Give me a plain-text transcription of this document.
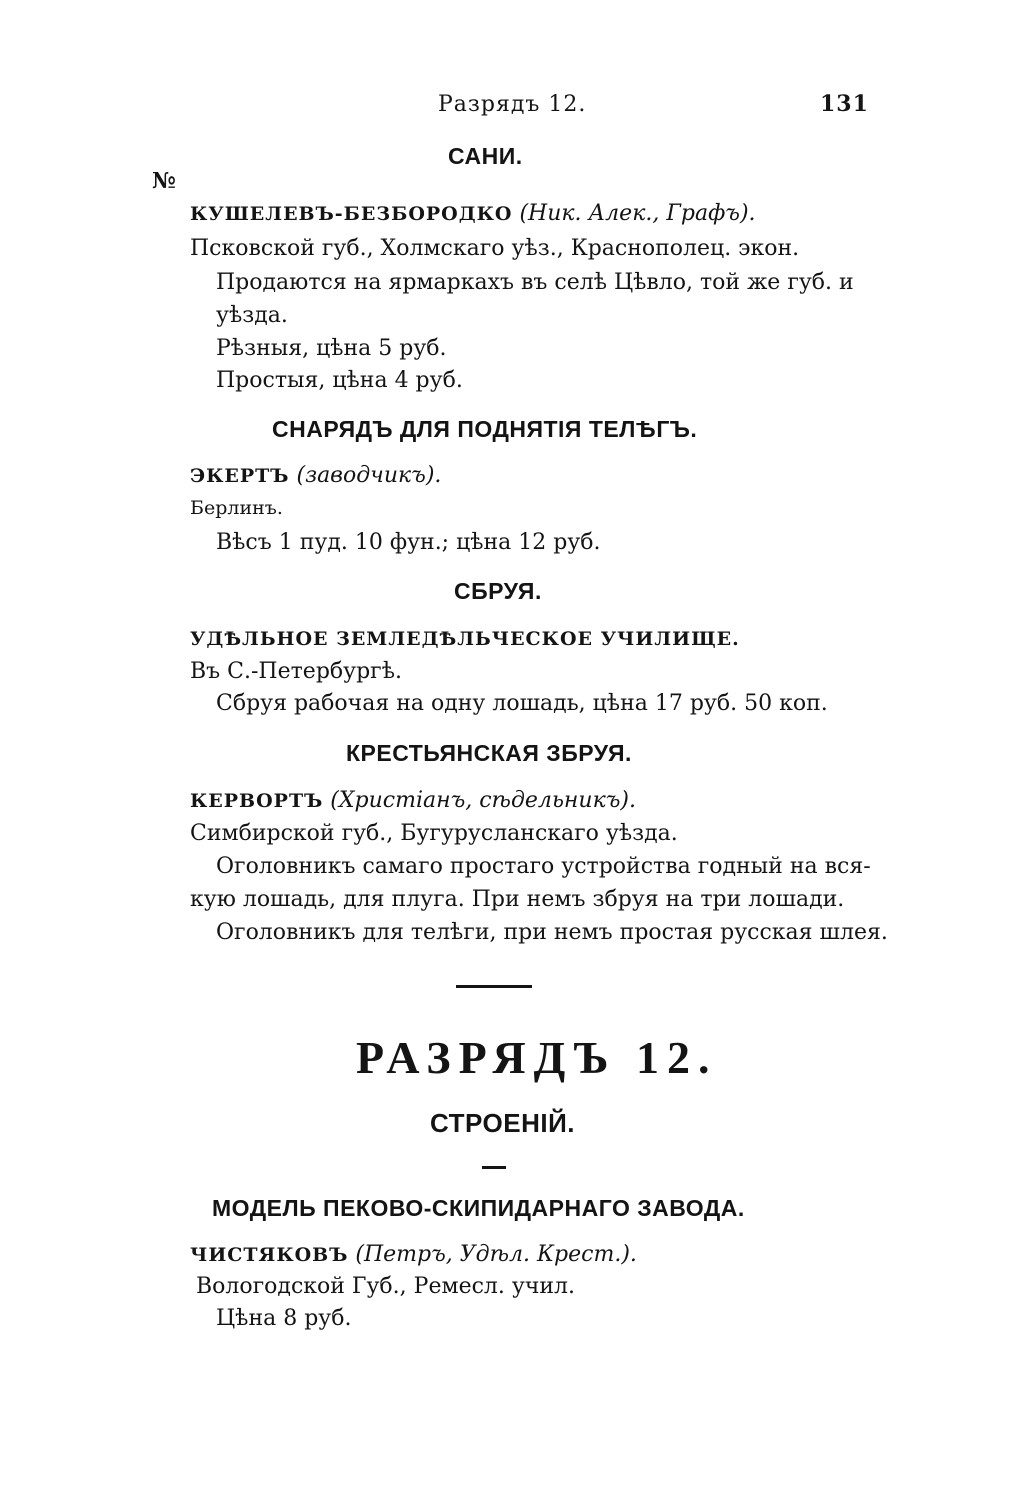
Разрядъ 12.	131
САНИ.
№
КУШЕЛЕВЪ-БЕЗБОРОДКО (Ник. Алек., Графъ).
Псковской губ., Холмскаго уѣз., Краснополец. экон.
Продаются на ярмаркахъ въ селѣ Цѣвло, той же губ. и
уѣзда.
Рѣзныя, цѣна 5 руб.
Простыя, цѣна 4 руб.
СНАРЯДЪ ДЛЯ ПОДНЯТІЯ ТЕЛѢГЪ.
ЭКЕРТЪ (заводчикъ).
Берлинъ.
Вѣсъ 1 пуд. 10 фун.; цѣна 12 руб.
СБРУЯ.
УДѢЛЬНОЕ ЗЕМЛЕДѢЛЬЧЕСКОЕ УЧИЛИЩЕ.
Въ С.-Петербургѣ.
Сбруя рабочая на одну лошадь, цѣна 17 руб. 50 коп.
КРЕСТЬЯНСКАЯ ЗБРУЯ.
КЕРВОРТЪ (Христіанъ, сѣдельникъ).
Симбирской губ., Бугурусланскаго уѣзда.
Оголовникъ самаго простаго устройства годный на вся-
кую лошадь, для плуга. При немъ збруя на три лошади.
Оголовникъ для телѣги, при немъ простая русская шлея.
РАЗРЯДЪ 12.
СТРОЕНІЙ.
МОДЕЛЬ ПЕКОВО-СКИПИДАРНАГО ЗАВОДА.
ЧИСТЯКОВЪ (Петръ, Удѣл. Крест.).
Вологодской Губ., Ремесл. учил.
Цѣна 8 руб.
